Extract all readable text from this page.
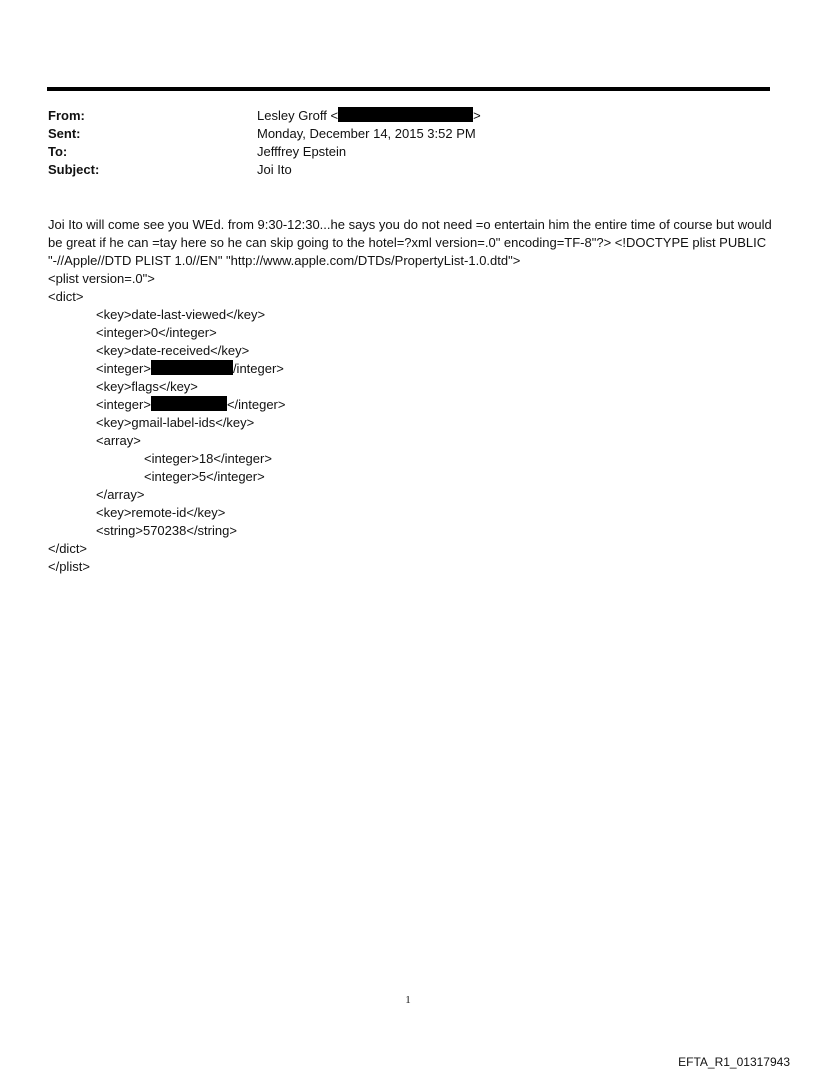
From:	Lesley Groff <	>
Sent:	Monday, December 14, 2015 3:52 PM
To:	Jefffrey Epstein
Subject:	Joi Ito

Joi Ito will come see you WEd. from 9:30-12:30...he says you do not need =o entertain him the entire time of course but would be great if he can =tay here so he can skip going to the hotel=?xml version=.0" encoding=TF-8"?> <!DOCTYPE plist PUBLIC "-//Apple//DTD PLIST 1.0//EN" "http://www.apple.com/DTDs/PropertyList-1.0.dtd">

<plist version=.0">
<dict>
<key>date-last-viewed</key>
<integer>0</integer>
<key>date-received</key>
<integer>	/integer>
<key>flags</key>
<integer>	</integer>
<key>gmail-label-ids</key>
<array>
<integer>18</integer>
<integer>5</integer>
</array>
<key>remote-id</key>
<string>570238</string>
</dict>
</plist>
1
EFTA_R1_01317943
